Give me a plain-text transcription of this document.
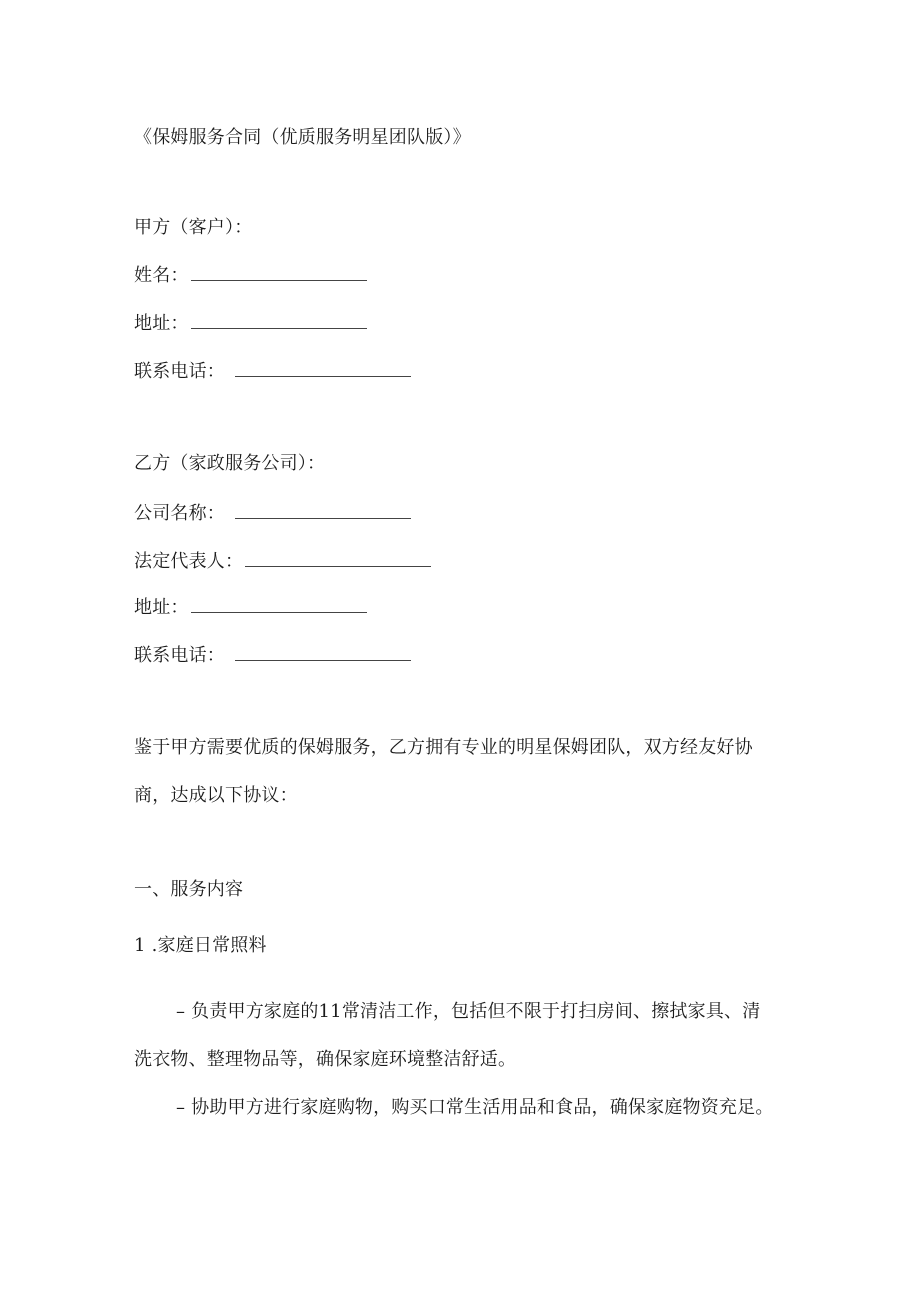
《保姆服务合同（优质服务明星团队版）》
甲方（客户）：
姓名：
地址：
联系电话：
乙方（家政服务公司）：
公司名称：
法定代表人：
地址：
联系电话：
鉴于甲方需要优质的保姆服务，乙方拥有专业的明星保姆团队，双方经友好协
商，达成以下协议：
一、服务内容
1 .家庭日常照料
– 负责甲方家庭的11常清洁工作，包括但不限于打扫房间、擦拭家具、清
洗衣物、整理物品等，确保家庭环境整洁舒适。
– 协助甲方进行家庭购物，购买口常生活用品和食品，确保家庭物资充足。
